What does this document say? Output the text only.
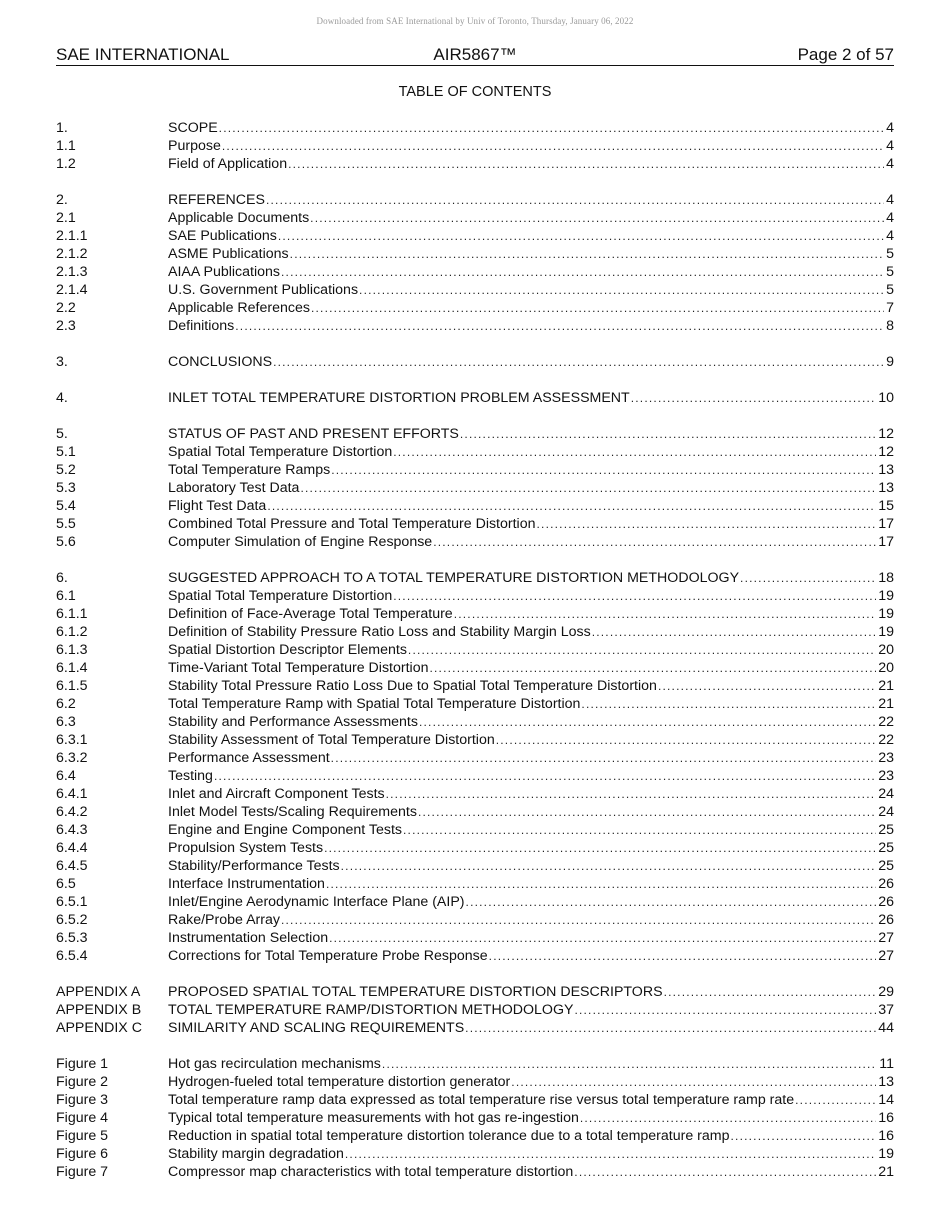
Downloaded from SAE International by Univ of Toronto, Thursday, January 06, 2022
SAE INTERNATIONAL	AIR5867™	Page 2 of 57
TABLE OF CONTENTS
1.	SCOPE .....	4
1.1	Purpose .....	4
1.2	Field of Application .....	4
2.	REFERENCES .....	4
2.1	Applicable Documents .....	4
2.1.1	SAE Publications .....	4
2.1.2	ASME Publications .....	5
2.1.3	AIAA Publications .....	5
2.1.4	U.S. Government Publications .....	5
2.2	Applicable References .....	7
2.3	Definitions .....	8
3.	CONCLUSIONS .....	9
4.	INLET TOTAL TEMPERATURE DISTORTION PROBLEM ASSESSMENT .....	10
5.	STATUS OF PAST AND PRESENT EFFORTS .....	12
5.1	Spatial Total Temperature Distortion .....	12
5.2	Total Temperature Ramps .....	13
5.3	Laboratory Test Data .....	13
5.4	Flight Test Data .....	15
5.5	Combined Total Pressure and Total Temperature Distortion .....	17
5.6	Computer Simulation of Engine Response .....	17
6.	SUGGESTED APPROACH TO A TOTAL TEMPERATURE DISTORTION METHODOLOGY .....	18
6.1	Spatial Total Temperature Distortion .....	19
6.1.1	Definition of Face-Average Total Temperature .....	19
6.1.2	Definition of Stability Pressure Ratio Loss and Stability Margin Loss .....	19
6.1.3	Spatial Distortion Descriptor Elements .....	20
6.1.4	Time-Variant Total Temperature Distortion .....	20
6.1.5	Stability Total Pressure Ratio Loss Due to Spatial Total Temperature Distortion .....	21
6.2	Total Temperature Ramp with Spatial Total Temperature Distortion .....	21
6.3	Stability and Performance Assessments .....	22
6.3.1	Stability Assessment of Total Temperature Distortion .....	22
6.3.2	Performance Assessment .....	23
6.4	Testing .....	23
6.4.1	Inlet and Aircraft Component Tests .....	24
6.4.2	Inlet Model Tests/Scaling Requirements .....	24
6.4.3	Engine and Engine Component Tests .....	25
6.4.4	Propulsion System Tests .....	25
6.4.5	Stability/Performance Tests .....	25
6.5	Interface Instrumentation .....	26
6.5.1	Inlet/Engine Aerodynamic Interface Plane (AIP) .....	26
6.5.2	Rake/Probe Array .....	26
6.5.3	Instrumentation Selection .....	27
6.5.4	Corrections for Total Temperature Probe Response .....	27
APPENDIX A	PROPOSED SPATIAL TOTAL TEMPERATURE DISTORTION DESCRIPTORS .....	29
APPENDIX B	TOTAL TEMPERATURE RAMP/DISTORTION METHODOLOGY .....	37
APPENDIX C	SIMILARITY AND SCALING REQUIREMENTS .....	44
Figure 1	Hot gas recirculation mechanisms .....	11
Figure 2	Hydrogen-fueled total temperature distortion generator .....	13
Figure 3	Total temperature ramp data expressed as total temperature rise versus total temperature ramp rate .....	14
Figure 4	Typical total temperature measurements with hot gas re-ingestion .....	16
Figure 5	Reduction in spatial total temperature distortion tolerance due to a total temperature ramp .....	16
Figure 6	Stability margin degradation .....	19
Figure 7	Compressor map characteristics with total temperature distortion .....	21
